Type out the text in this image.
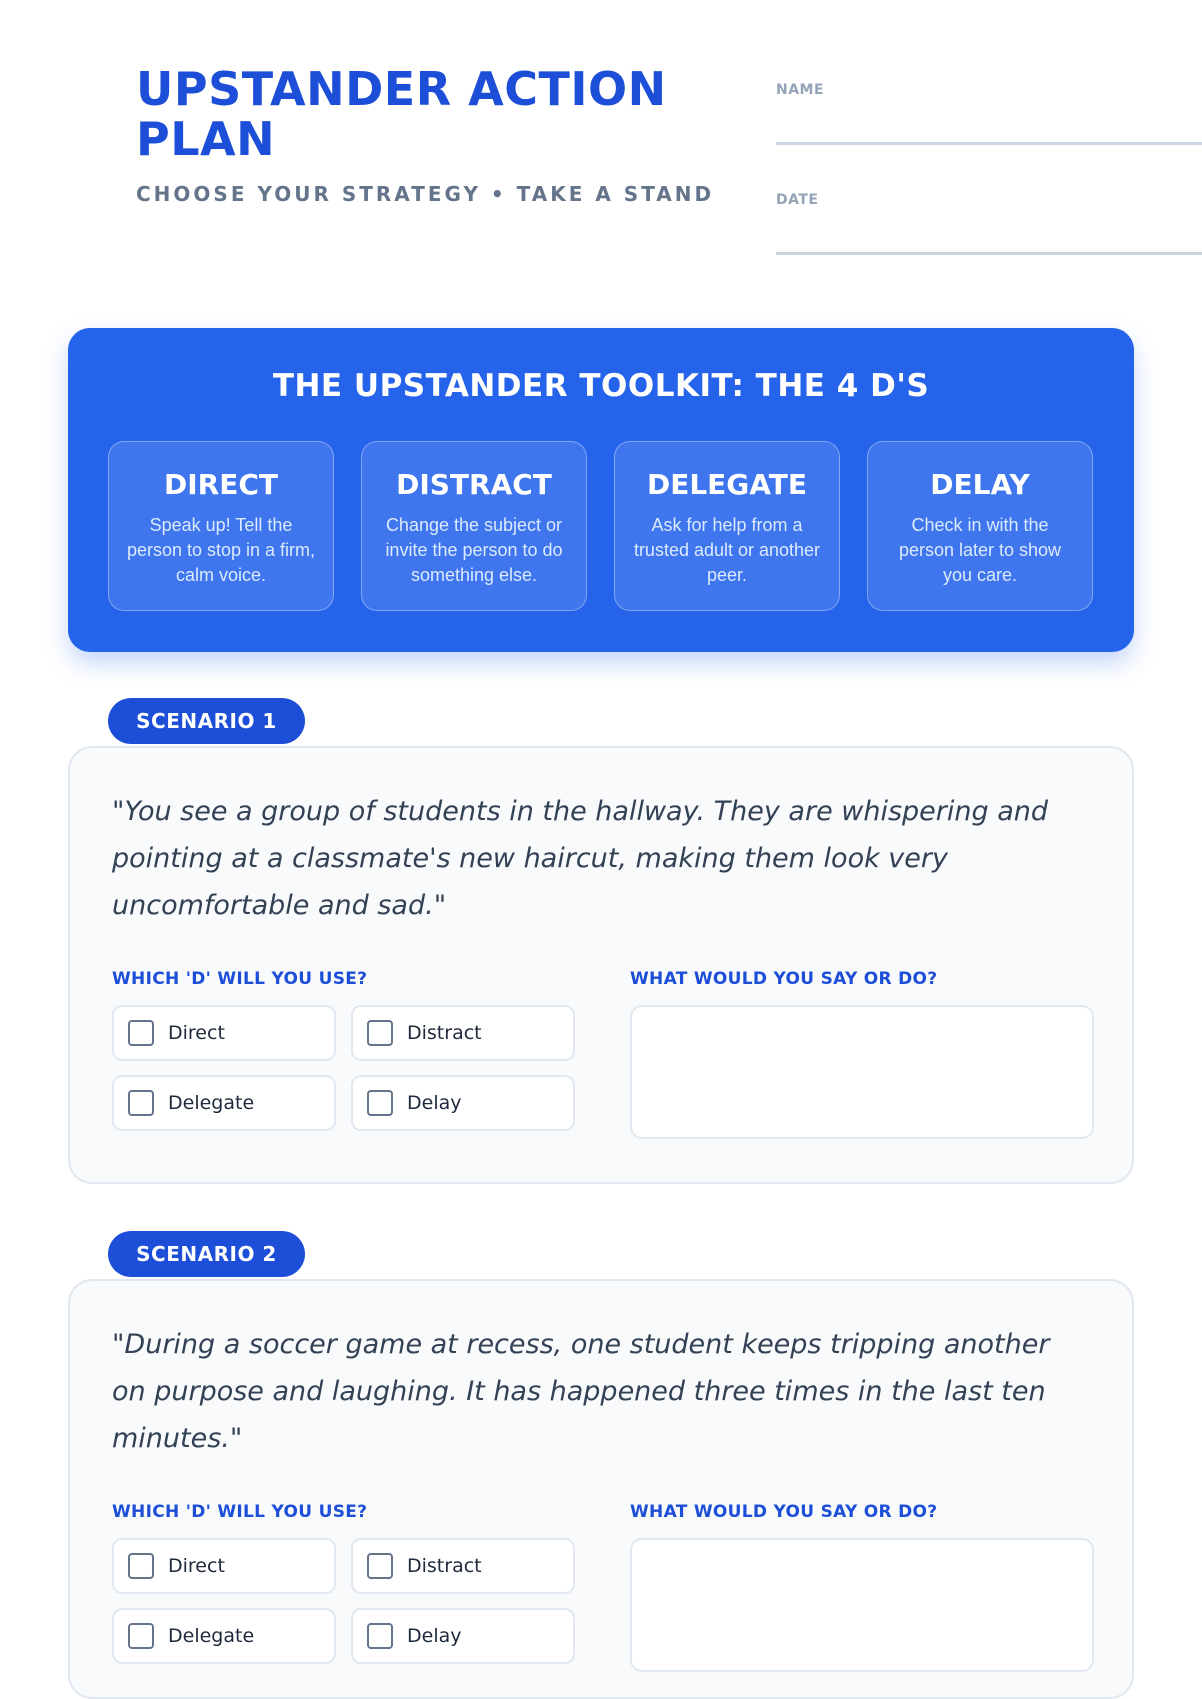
UPSTANDER ACTION PLAN
CHOOSE YOUR STRATEGY • TAKE A STAND
NAME
DATE
THE UPSTANDER TOOLKIT: THE 4 D'S
DIRECT
Speak up! Tell the person to stop in a firm, calm voice.
DISTRACT
Change the subject or invite the person to do something else.
DELEGATE
Ask for help from a trusted adult or another peer.
DELAY
Check in with the person later to show you care.
SCENARIO 1

"You see a group of students in the hallway. They are whispering and pointing at a classmate's new haircut, making them look very uncomfortable and sad."

WHICH 'D' WILL YOU USE?	WHAT WOULD YOU SAY OR DO?
Direct	Distract
Delegate	Delay
SCENARIO 2

"During a soccer game at recess, one student keeps tripping another on purpose and laughing. It has happened three times in the last ten minutes."

WHICH 'D' WILL YOU USE?	WHAT WOULD YOU SAY OR DO?
Direct	Distract
Delegate	Delay
